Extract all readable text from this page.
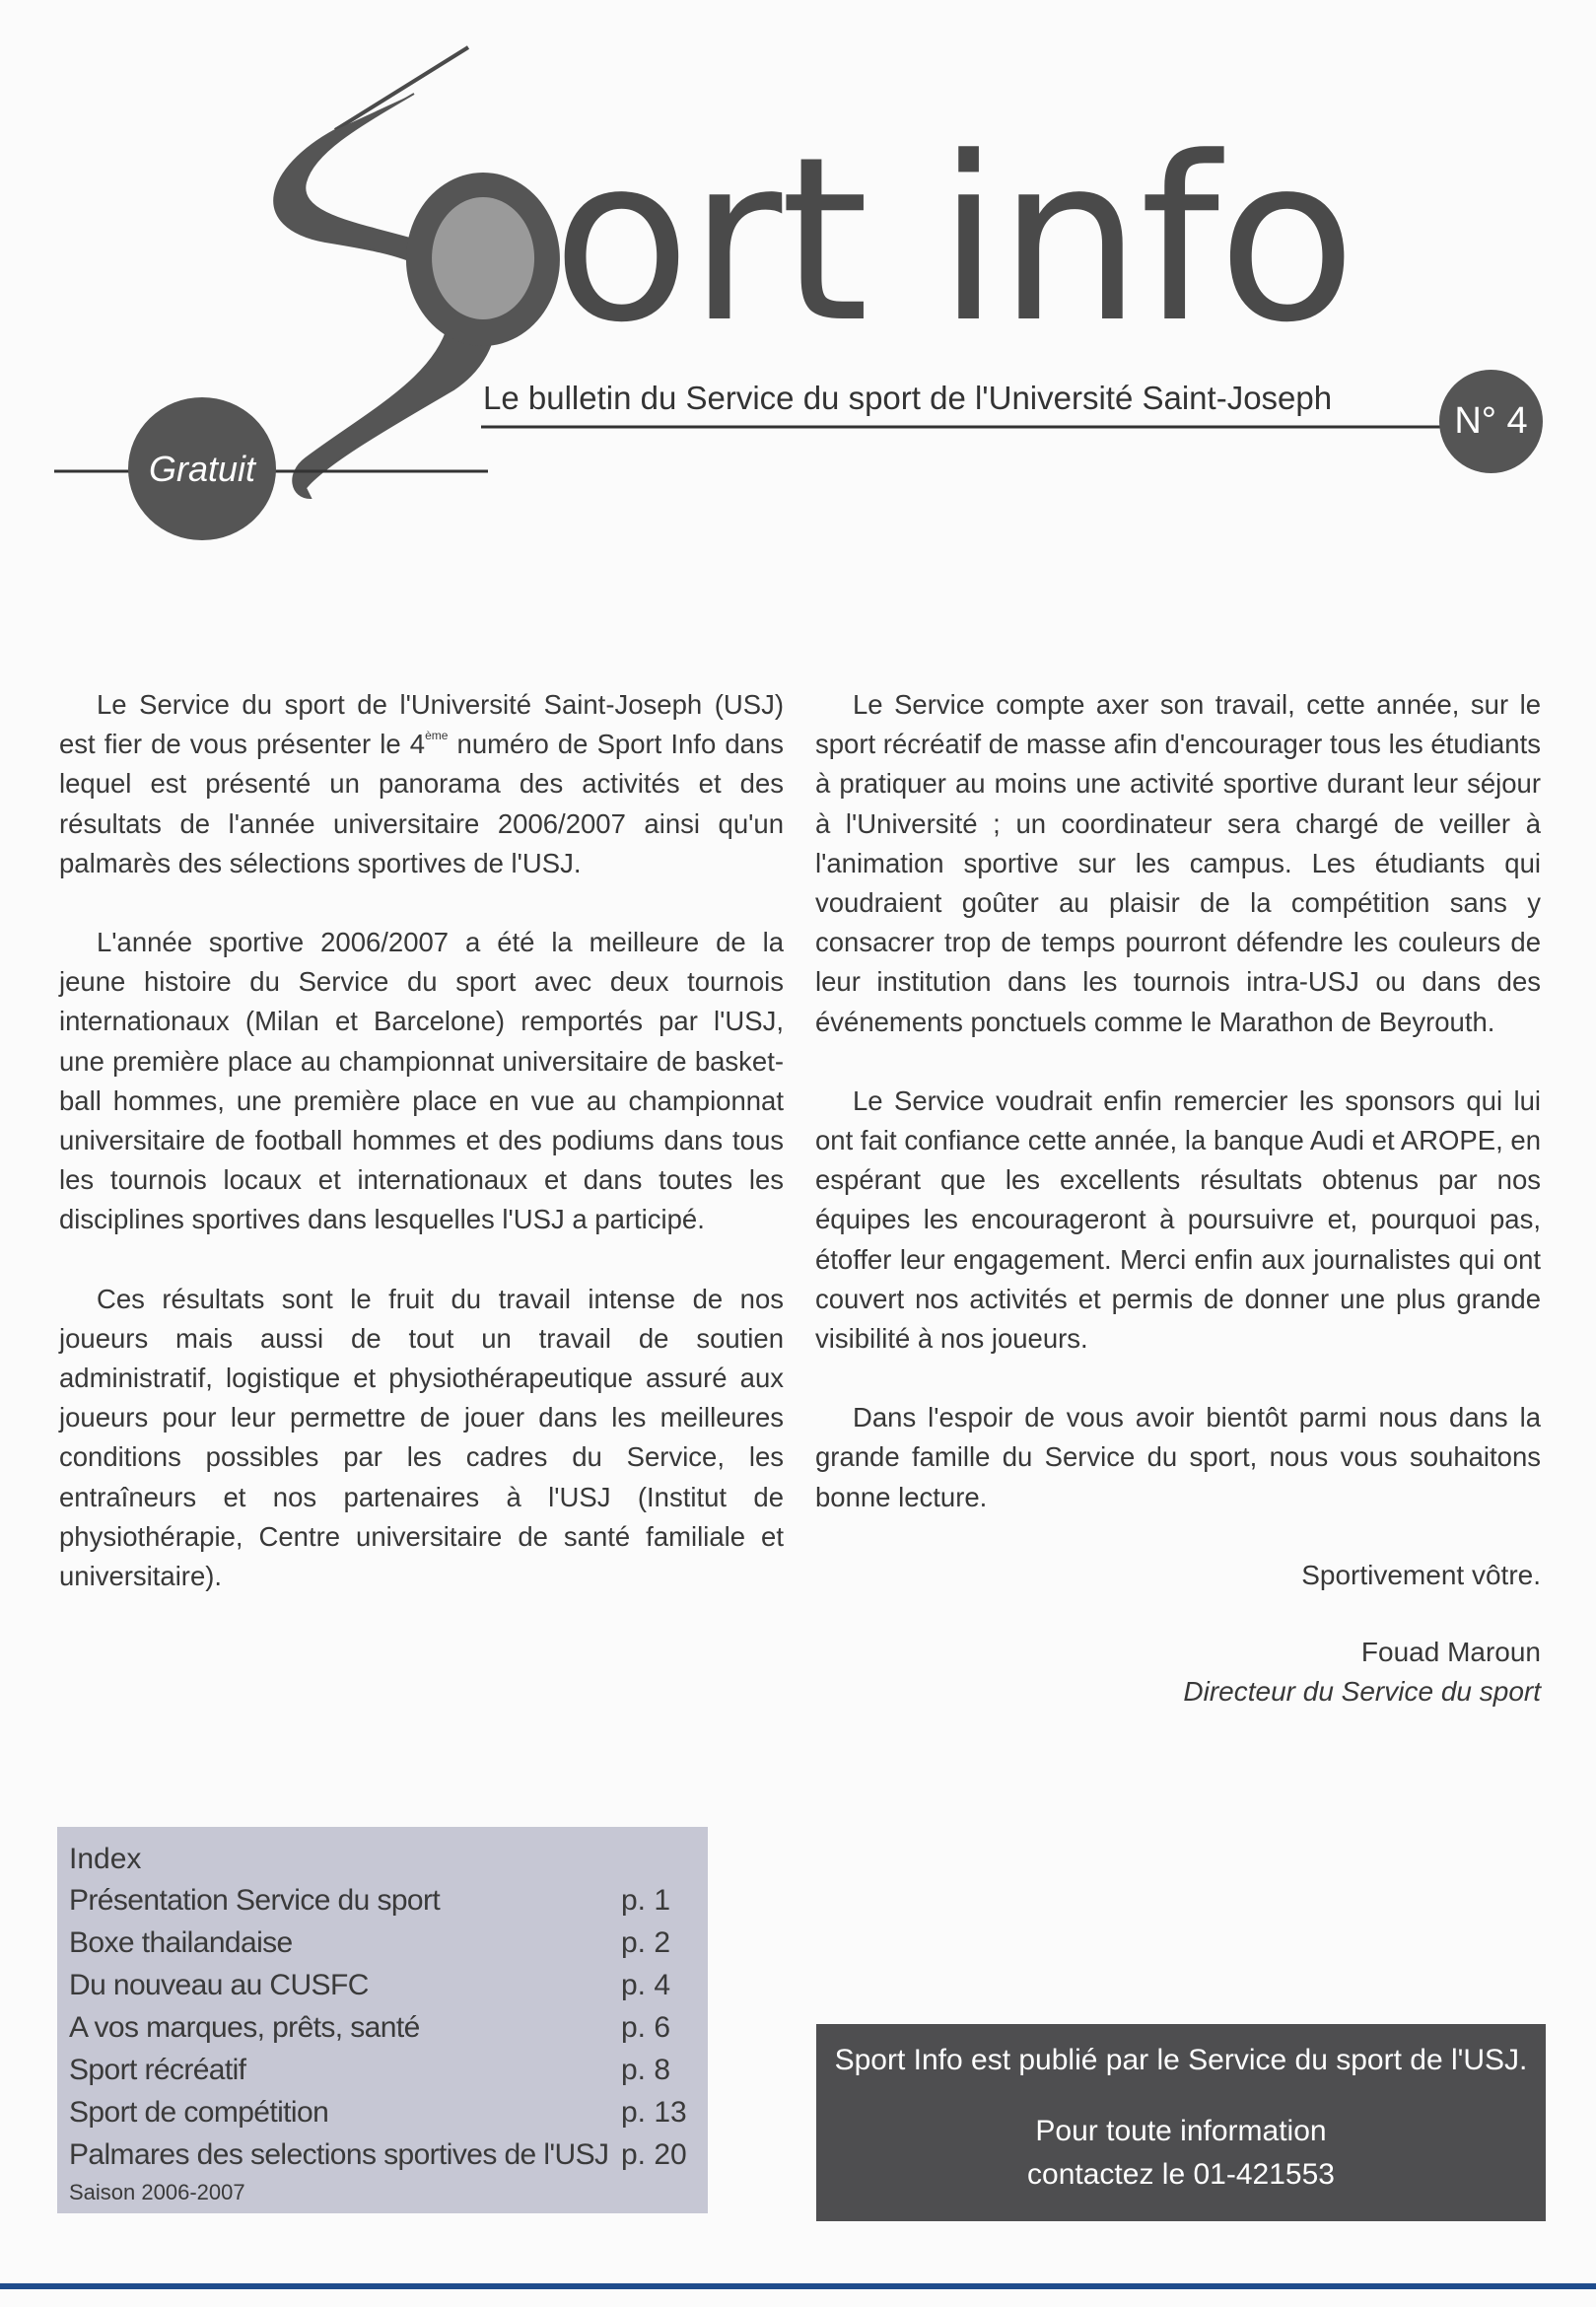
ort info
Le bulletin du Service du sport de l'Université Saint-Joseph
N° 4
Gratuit

Le Service du sport de l'Université Saint-Joseph (USJ) est fier de vous présenter le 4ème numéro de Sport Info dans lequel est présenté un panorama des activités et des résultats de l'année universitaire 2006/2007 ainsi qu'un palmarès des sélections sportives de l'USJ.

L'année sportive 2006/2007 a été la meilleure de la jeune histoire du Service du sport avec deux tournois internationaux (Milan et Barcelone) remportés par l'USJ, une première place au championnat universitaire de basket-ball hommes, une première place en vue au championnat universitaire de football hommes et des podiums dans tous les tournois locaux et internationaux et dans toutes les disciplines sportives dans lesquelles l'USJ a participé.

Ces résultats sont le fruit du travail intense de nos joueurs mais aussi de tout un travail de soutien administratif, logistique et physiothérapeutique assuré aux joueurs pour leur permettre de jouer dans les meilleures conditions possibles par les cadres du Service, les entraîneurs et nos partenaires à l'USJ (Institut de physiothérapie, Centre universitaire de santé familiale et universitaire).

Le Service compte axer son travail, cette année, sur le sport récréatif de masse afin d'encourager tous les étudiants à pratiquer au moins une activité sportive durant leur séjour à l'Université ; un coordinateur sera chargé de veiller à l'animation sportive sur les campus. Les étudiants qui voudraient goûter au plaisir de la compétition sans y consacrer trop de temps pourront défendre les couleurs de leur institution dans les tournois intra-USJ ou dans des événements ponctuels comme le Marathon de Beyrouth.

Le Service voudrait enfin remercier les sponsors qui lui ont fait confiance cette année, la banque Audi et AROPE, en espérant que les excellents résultats obtenus par nos équipes les encourageront à poursuivre et, pourquoi pas, étoffer leur engagement. Merci enfin aux journalistes qui ont couvert nos activités et permis de donner une plus grande visibilité à nos joueurs.

Dans l'espoir de vous avoir bientôt parmi nous dans la grande famille du Service du sport, nous vous souhaitons bonne lecture.

Sportivement vôtre.
Fouad Maroun
Directeur du Service du sport
Index
Présentation Service du sport	p. 1
Boxe thailandaise	p. 2
Du nouveau au CUSFC	p. 4
A vos marques, prêts, santé	p. 6
Sport récréatif	p. 8
Sport de compétition	p. 13
Palmares des selections sportives de l'USJ p. 20
Saison 2006-2007
Sport Info est publié par le Service du sport de l'USJ.
Pour toute information
contactez le 01-421553
